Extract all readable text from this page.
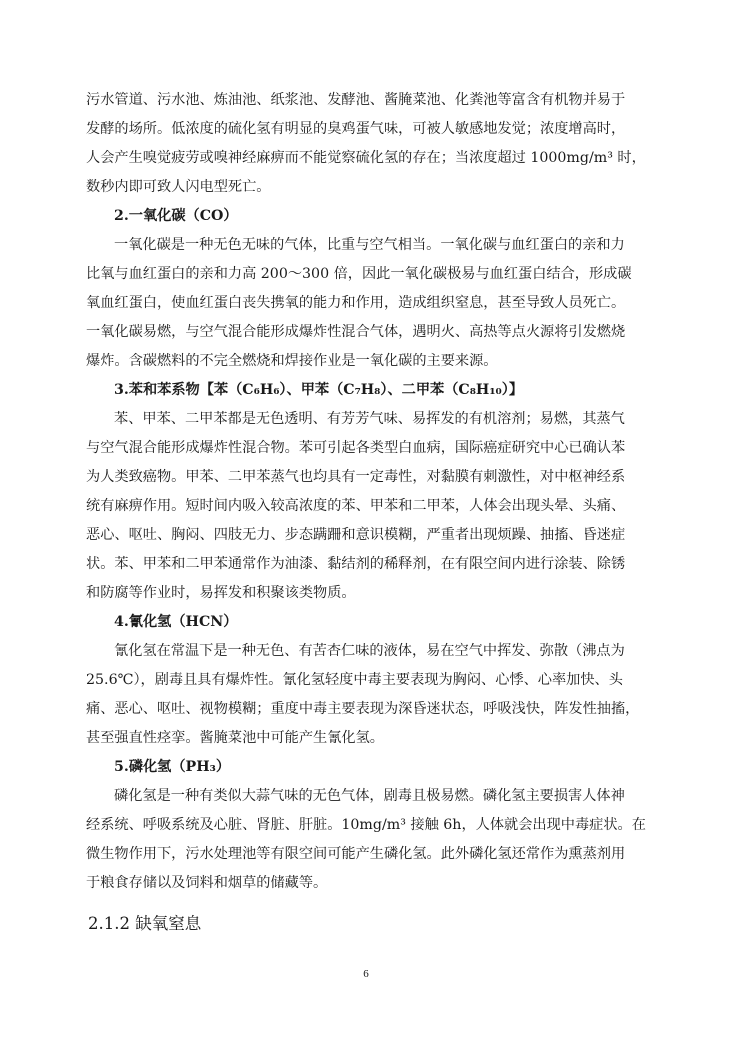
污水管道、污水池、炼油池、纸浆池、发酵池、酱腌菜池、化粪池等富含有机物并易于
发酵的场所。低浓度的硫化氢有明显的臭鸡蛋气味，可被人敏感地发觉；浓度增高时，
人会产生嗅觉疲劳或嗅神经麻痹而不能觉察硫化氢的存在；当浓度超过 1000mg/m³ 时，
数秒内即可致人闪电型死亡。
2.一氧化碳（CO）
一氧化碳是一种无色无味的气体，比重与空气相当。一氧化碳与血红蛋白的亲和力
比氧与血红蛋白的亲和力高 200～300 倍，因此一氧化碳极易与血红蛋白结合，形成碳
氧血红蛋白，使血红蛋白丧失携氧的能力和作用，造成组织窒息，甚至导致人员死亡。
一氧化碳易燃，与空气混合能形成爆炸性混合气体，遇明火、高热等点火源将引发燃烧
爆炸。含碳燃料的不完全燃烧和焊接作业是一氧化碳的主要来源。
3.苯和苯系物【苯（C₆H₆）、甲苯（C₇H₈）、二甲苯（C₈H₁₀）】
苯、甲苯、二甲苯都是无色透明、有芳芳气味、易挥发的有机溶剂；易燃，其蒸气
与空气混合能形成爆炸性混合物。苯可引起各类型白血病，国际癌症研究中心已确认苯
为人类致癌物。甲苯、二甲苯蒸气也均具有一定毒性，对黏膜有刺激性，对中枢神经系
统有麻痹作用。短时间内吸入较高浓度的苯、甲苯和二甲苯，人体会出现头晕、头痛、
恶心、呕吐、胸闷、四肢无力、步态蹒跚和意识模糊，严重者出现烦躁、抽搐、昏迷症
状。苯、甲苯和二甲苯通常作为油漆、黏结剂的稀释剂，在有限空间内进行涂装、除锈
和防腐等作业时，易挥发和积聚该类物质。
4.氰化氢（HCN）
氰化氢在常温下是一种无色、有苦杏仁味的液体，易在空气中挥发、弥散（沸点为
25.6℃），剧毒且具有爆炸性。氰化氢轻度中毒主要表现为胸闷、心悸、心率加快、头
痛、恶心、呕吐、视物模糊；重度中毒主要表现为深昏迷状态，呼吸浅快，阵发性抽搐，
甚至强直性痉挛。酱腌菜池中可能产生氰化氢。
5.磷化氢（PH₃）
磷化氢是一种有类似大蒜气味的无色气体，剧毒且极易燃。磷化氢主要损害人体神
经系统、呼吸系统及心脏、肾脏、肝脏。10mg/m³ 接触 6h，人体就会出现中毒症状。在
微生物作用下，污水处理池等有限空间可能产生磷化氢。此外磷化氢还常作为熏蒸剂用
于粮食存储以及饲料和烟草的储藏等。
2.1.2 缺氧窒息
6
